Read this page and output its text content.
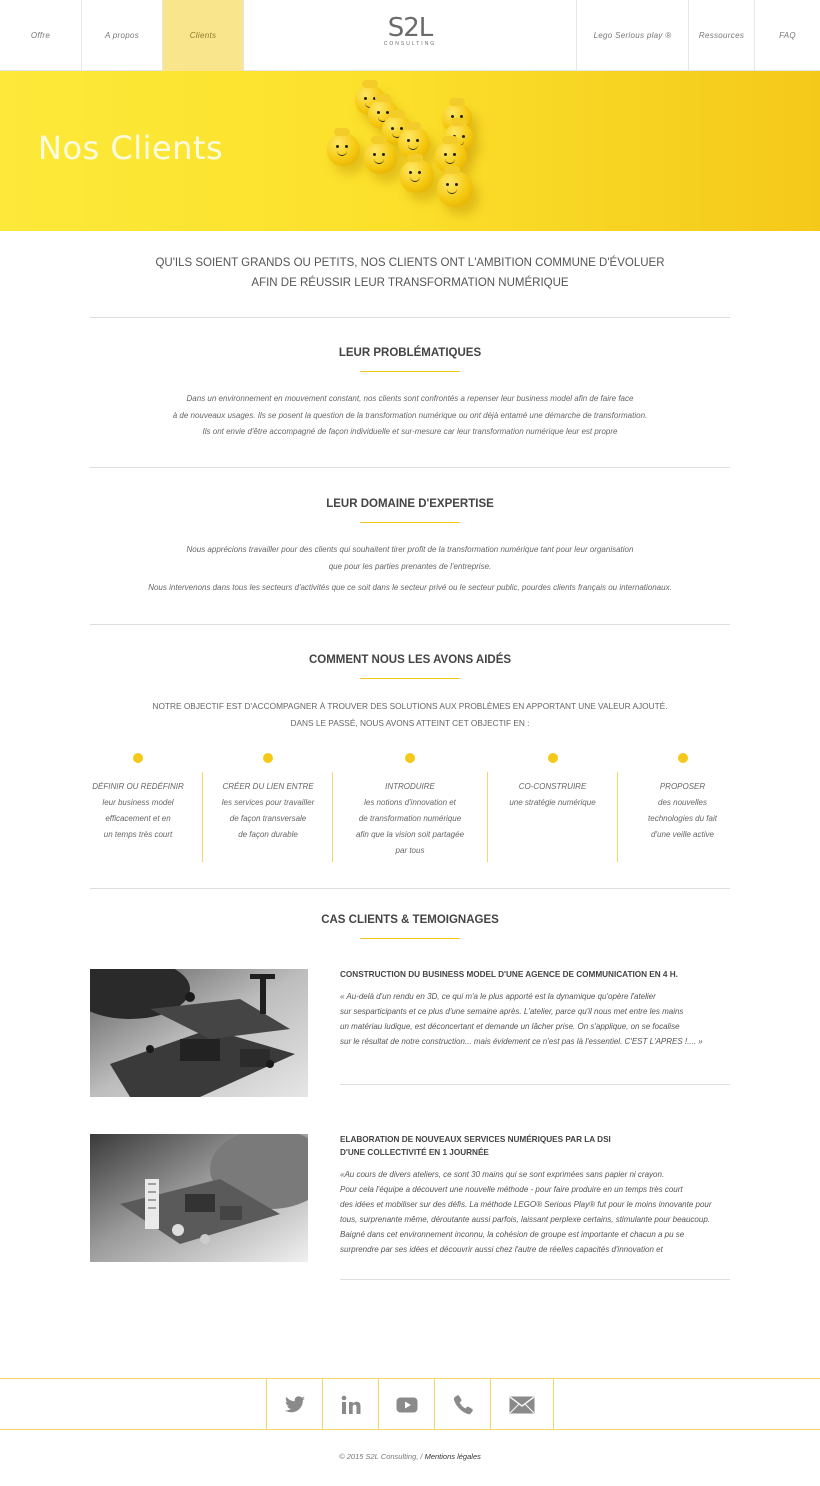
Offre	A propos	Clients	S2L
CONSULTING
Lego Serious play ®	Ressources	FAQ
Nos Clients
QU'ILS SOIENT GRANDS OU PETITS, NOS CLIENTS ONT L'AMBITION COMMUNE D'ÉVOLUER
AFIN DE RÉUSSIR LEUR TRANSFORMATION NUMÉRIQUE
LEUR PROBLÉMATIQUES
Dans un environnement en mouvement constant, nos clients sont confrontés a repenser leur business model afin de faire face
à de nouveaux usages. Ils se posent la question de la transformation numérique ou ont déjà entamé une démarche de transformation.
Ils ont envie d'être accompagné de façon individuelle et sur-mesure car leur transformation numérique leur est propre
LEUR DOMAINE D'EXPERTISE
Nous apprécions travailler pour des clients qui souhaitent tirer profit de la transformation numérique tant pour leur organisation
que pour les parties prenantes de l'entreprise.
Nous intervenons dans tous les secteurs d'activités que ce soit dans le secteur privé ou le secteur public, pourdes clients français ou internationaux.
COMMENT NOUS LES AVONS AIDÉS
NOTRE OBJECTIF EST D'ACCOMPAGNER À TROUVER DES SOLUTIONS AUX PROBLÈMES EN APPORTANT UNE VALEUR AJOUTÉ.
DANS LE PASSÉ, NOUS AVONS ATTEINT CET OBJECTIF EN :
DÉFINIR OU REDÉFINIR
leur business model
efficacement et en
un temps très court
CRÉER DU LIEN ENTRE
les services pour travailler
de façon transversale
de façon durable
INTRODUIRE
les notions d'innovation et
de transformation numérique
afin que la vision soit partagée
par tous
CO-CONSTRUIRE
une stratégie numérique
PROPOSER
des nouvelles
technologies du fait
d'une veille active
CAS CLIENTS & TEMOIGNAGES
CONSTRUCTION DU BUSINESS MODEL D'UNE AGENCE DE COMMUNICATION EN 4 H.
« Au-delà d'un rendu en 3D, ce qui m'a le plus apporté est la dynamique qu'opère l'atelier
sur sesparticipants et ce plus d'une semaine après. L'atelier, parce qu'il nous met entre les mains
un matériau ludique, est déconcertant et demande un lâcher prise. On s'applique, on se focalise
sur le résultat de notre construction... mais évidement ce n'est pas là l'essentiel. C'EST L'APRES !.... »
ELABORATION DE NOUVEAUX SERVICES NUMÉRIQUES PAR LA DSI
D'UNE COLLECTIVITÉ EN 1 JOURNÉE
«Au cours de divers ateliers, ce sont 30 mains qui se sont exprimées sans papier ni crayon.
Pour cela l'équipe a découvert une nouvelle méthode - pour faire produire en un temps très court
des idées et mobiliser sur des défis. La méthode LEGO® Serious Play® fut pour le moins innovante pour
tous, surprenante même, déroutante aussi parfois, laissant perplexe certains, stimulante pour beaucoup.
Baigné dans cet environnement inconnu, la cohésion de groupe est importante et chacun a pu se
surprendre par ses idées et découvrir aussi chez l'autre de réelles capacités d'innovation et
© 2015 S2L Consulting, / Mentions légales
